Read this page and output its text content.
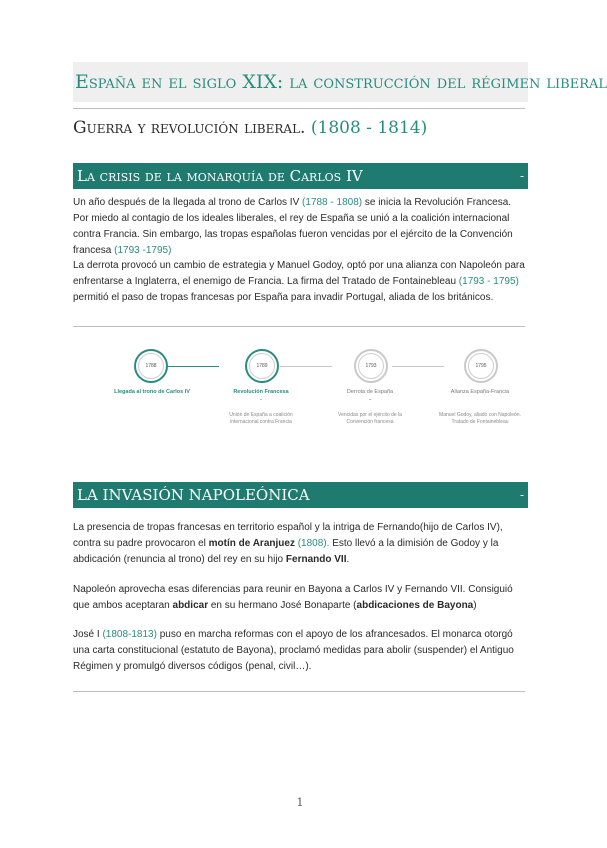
España en el siglo XIX: la construcción del régimen liberal
Guerra y revolución liberal. (1808 - 1814)
La crisis de la monarquía de Carlos IV	-
Un año después de la llegada al trono de Carlos IV (1788 - 1808) se inicia la Revolución Francesa. Por miedo al contagio de los ideales liberales, el rey de España se unió a la coalición internacional contra Francia. Sin embargo, las tropas españolas fueron vencidas por el ejército de la Convención francesa (1793 -1795)
La derrota provocó un cambio de estrategia y Manuel Godoy, optó por una alianza con Napoleón para enfrentarse a Inglaterra, el enemigo de Francia. La firma del Tratado de Fontainebleau (1793 - 1795) permitió el paso de tropas francesas por España para invadir Portugal, aliada de los británicos.
1788	1789	1793	1795
Llegada al trono de Carlos IV	Revolución Francesa
-
Unión de España a coalición internacional contra Francia
Derrota de España
-
Vencidas por el ejército de la Convención francesa
Alianza España-Francia
Manuel Godoy, aliado con Napoleón. Tratado de Fontainebleau
LA INVASIÓN NAPOLEÓNICA	-
La presencia de tropas francesas en territorio español y la intriga de Fernando(hijo de Carlos IV), contra su padre provocaron el motín de Aranjuez (1808). Esto llevó a la dimisión de Godoy y la abdicación (renuncia al trono) del rey en su hijo Fernando VII.
Napoleón aprovecha esas diferencias para reunir en Bayona a Carlos IV y Fernando VII. Consiguió que ambos aceptaran abdicar en su hermano José Bonaparte (abdicaciones de Bayona)
José I (1808-1813) puso en marcha reformas con el apoyo de los afrancesados. El monarca otorgó una carta constitucional (estatuto de Bayona), proclamó medidas para abolir (suspender) el Antiguo Régimen y promulgó diversos códigos (penal, civil…).
1
